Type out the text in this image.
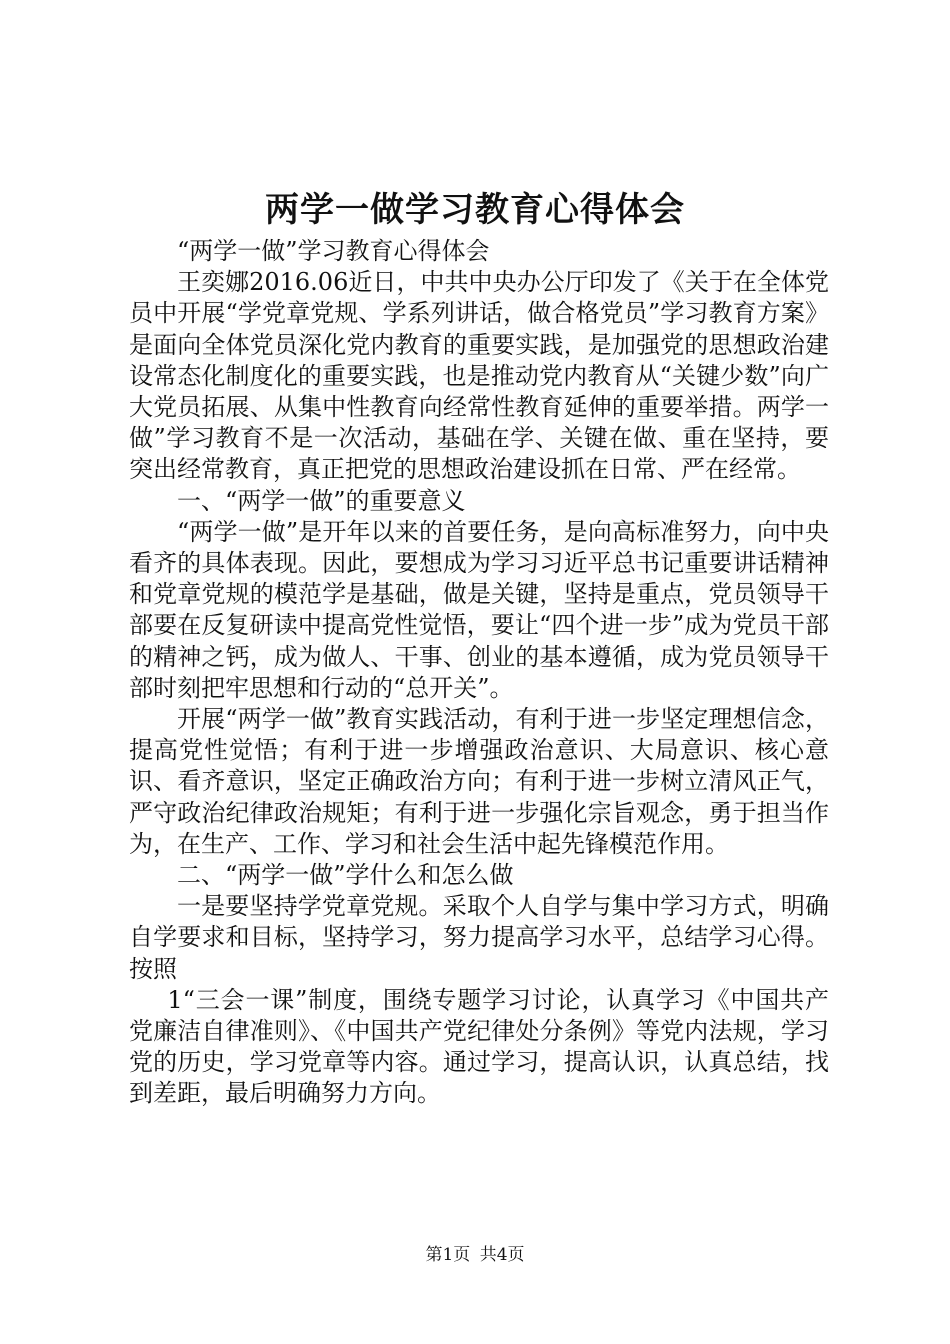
两学一做学习教育心得体会

“两学一做”学习教育心得体会

王奕娜2016.06近日，中共中央办公厅印发了《关于在全体党员中开展“学党章党规、学系列讲话，做合格党员”学习教育方案》是面向全体党员深化党内教育的重要实践，是加强党的思想政治建设常态化制度化的重要实践，也是推动党内教育从“关键少数”向广大党员拓展、从集中性教育向经常性教育延伸的重要举措。两学一做”学习教育不是一次活动，基础在学、关键在做、重在坚持，要突出经常教育，真正把党的思想政治建设抓在日常、严在经常。

一、“两学一做”的重要意义

“两学一做”是开年以来的首要任务，是向高标准努力，向中央看齐的具体表现。因此，要想成为学习习近平总书记重要讲话精神和党章党规的模范学是基础，做是关键，坚持是重点，党员领导干部要在反复研读中提高党性觉悟，要让“四个进一步”成为党员干部的精神之钙，成为做人、干事、创业的基本遵循，成为党员领导干部时刻把牢思想和行动的“总开关”。

开展“两学一做”教育实践活动，有利于进一步坚定理想信念，提高党性觉悟；有利于进一步增强政治意识、大局意识、核心意识、看齐意识，坚定正确政治方向；有利于进一步树立清风正气，严守政治纪律政治规矩；有利于进一步强化宗旨观念，勇于担当作为，在生产、工作、学习和社会生活中起先锋模范作用。

二、“两学一做”学什么和怎么做

一是要坚持学党章党规。采取个人自学与集中学习方式，明确自学要求和目标，坚持学习，努力提高学习水平，总结学习心得。按照

1“三会一课”制度，围绕专题学习讨论，认真学习《中国共产党廉洁自律准则》、《中国共产党纪律处分条例》等党内法规，学习党的历史，学习党章等内容。通过学习，提高认识，认真总结，找到差距，最后明确努力方向。

第1页 共4页
